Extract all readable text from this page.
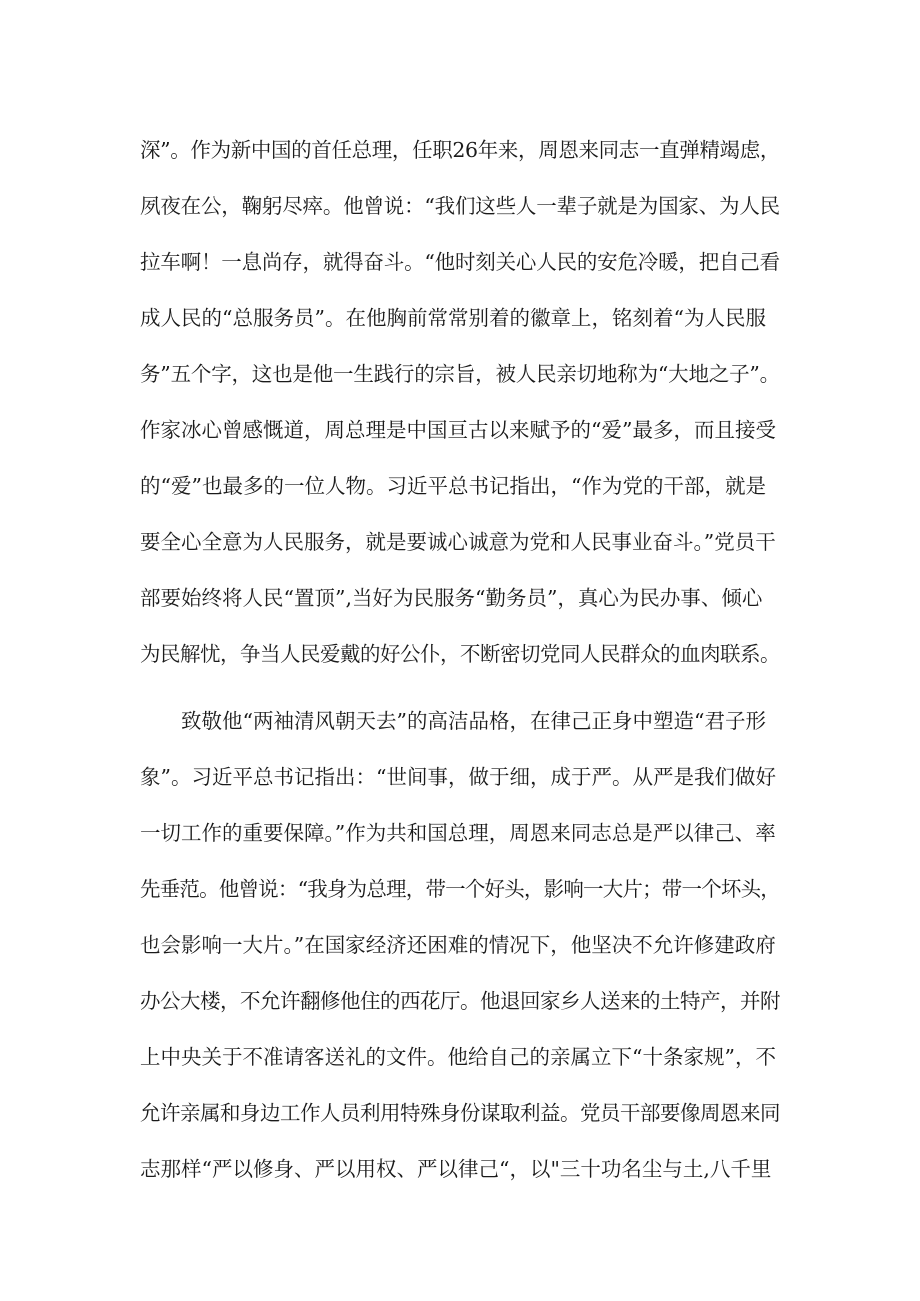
深”。作为新中国的首任总理，任职26年来，周恩来同志一直弹精竭虑，

夙夜在公，鞠躬尽瘁。他曾说：“我们这些人一辈子就是为国家、为人民

拉车啊！一息尚存，就得奋斗。“他时刻关心人民的安危冷暖，把自己看

成人民的“总服务员”。在他胸前常常别着的徽章上，铭刻着“为人民服

务”五个字，这也是他一生践行的宗旨，被人民亲切地称为“大地之子”。

作家冰心曾感慨道，周总理是中国亘古以来赋予的“爱”最多，而且接受

的“爱”也最多的一位人物。习近平总书记指出，“作为党的干部，就是

要全心全意为人民服务，就是要诚心诚意为党和人民事业奋斗。”党员干

部要始终将人民“置顶”,当好为民服务“勤务员”，真心为民办事、倾心

为民解忧，争当人民爱戴的好公仆，不断密切党同人民群众的血肉联系。

致敬他“两袖清风朝天去”的高洁品格，在律己正身中塑造“君子形

象”。习近平总书记指出：“世间事，做于细，成于严。从严是我们做好

一切工作的重要保障。”作为共和国总理，周恩来同志总是严以律己、率

先垂范。他曾说：“我身为总理，带一个好头，影响一大片；带一个坏头，

也会影响一大片。”在国家经济还困难的情况下，他坚决不允许修建政府

办公大楼，不允许翻修他住的西花厅。他退回家乡人送来的土特产，并附

上中央关于不准请客送礼的文件。他给自己的亲属立下“十条家规”，不

允许亲属和身边工作人员利用特殊身份谋取利益。党员干部要像周恩来同

志那样“严以修身、严以用权、严以律己“，以"三十功名尘与土,八千里
